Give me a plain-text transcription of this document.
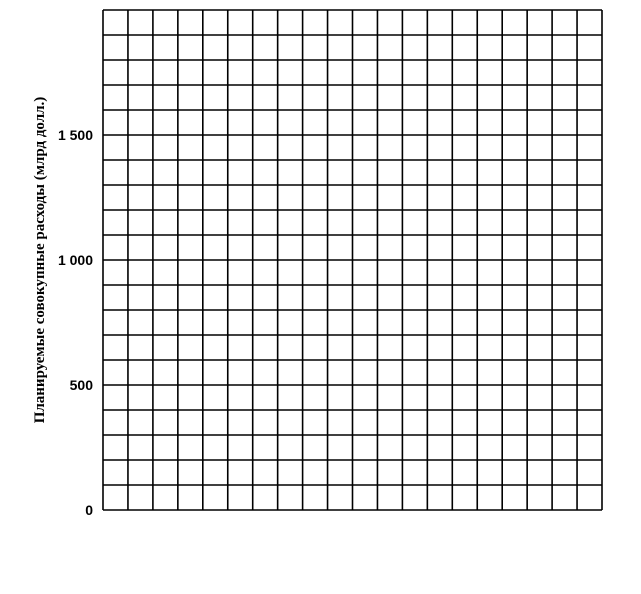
0
500
1 000
1 500
Планируемые совокупные расходы (млрд долл.)
